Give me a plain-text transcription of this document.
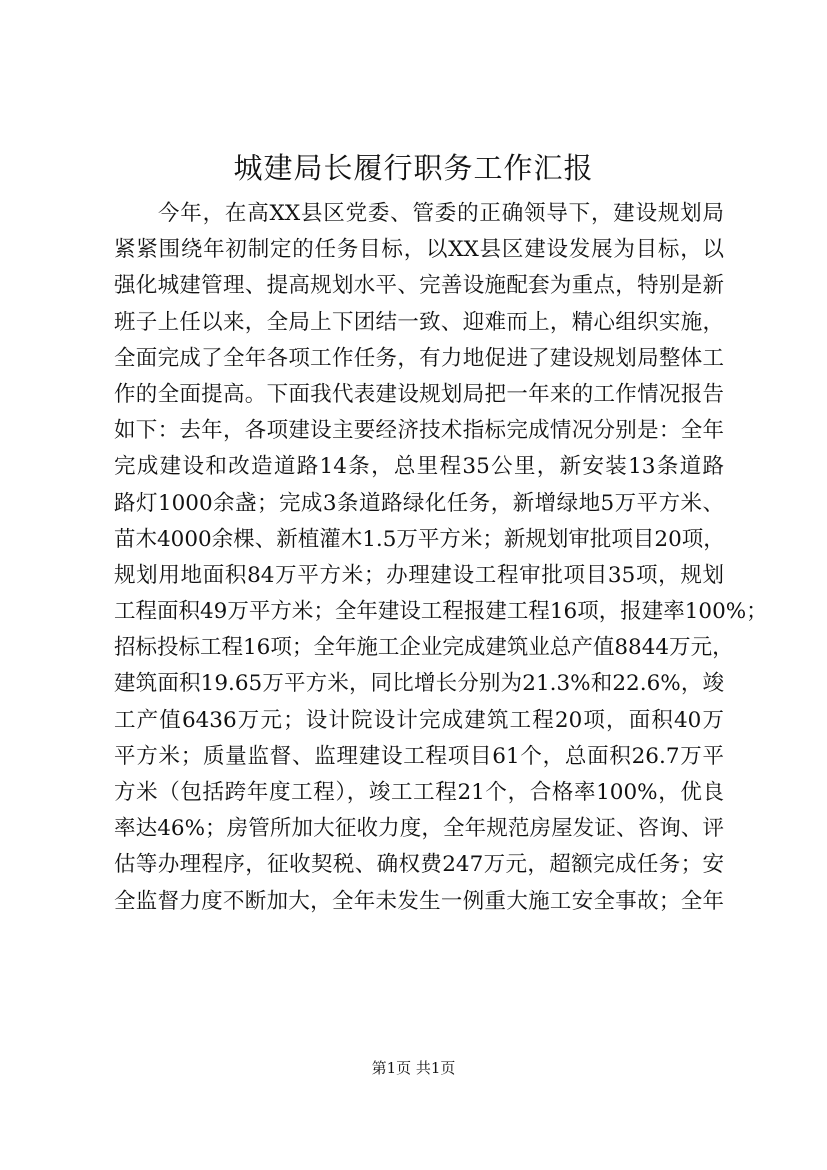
城建局长履行职务工作汇报
今年，在高XX县区党委、管委的正确领导下，建设规划局
紧紧围绕年初制定的任务目标，以XX县区建设发展为目标，以
强化城建管理、提高规划水平、完善设施配套为重点，特别是新
班子上任以来，全局上下团结一致、迎难而上，精心组织实施，
全面完成了全年各项工作任务，有力地促进了建设规划局整体工
作的全面提高。下面我代表建设规划局把一年来的工作情况报告
如下：去年，各项建设主要经济技术指标完成情况分别是：全年
完成建设和改造道路14条，总里程35公里，新安装13条道路
路灯1000余盏；完成3条道路绿化任务，新增绿地5万平方米、
苗木4000余棵、新植灌木1.5万平方米；新规划审批项目20项，
规划用地面积84万平方米；办理建设工程审批项目35项，规划
工程面积49万平方米；全年建设工程报建工程16项，报建率100%；
招标投标工程16项；全年施工企业完成建筑业总产值8844万元，
建筑面积19.65万平方米，同比增长分别为21.3%和22.6%，竣
工产值6436万元；设计院设计完成建筑工程20项，面积40万
平方米；质量监督、监理建设工程项目61个，总面积26.7万平
方米（包括跨年度工程），竣工工程21个，合格率100%，优良
率达46%；房管所加大征收力度，全年规范房屋发证、咨询、评
估等办理程序，征收契税、确权费247万元，超额完成任务；安
全监督力度不断加大，全年未发生一例重大施工安全事故；全年
第1页 共1页
